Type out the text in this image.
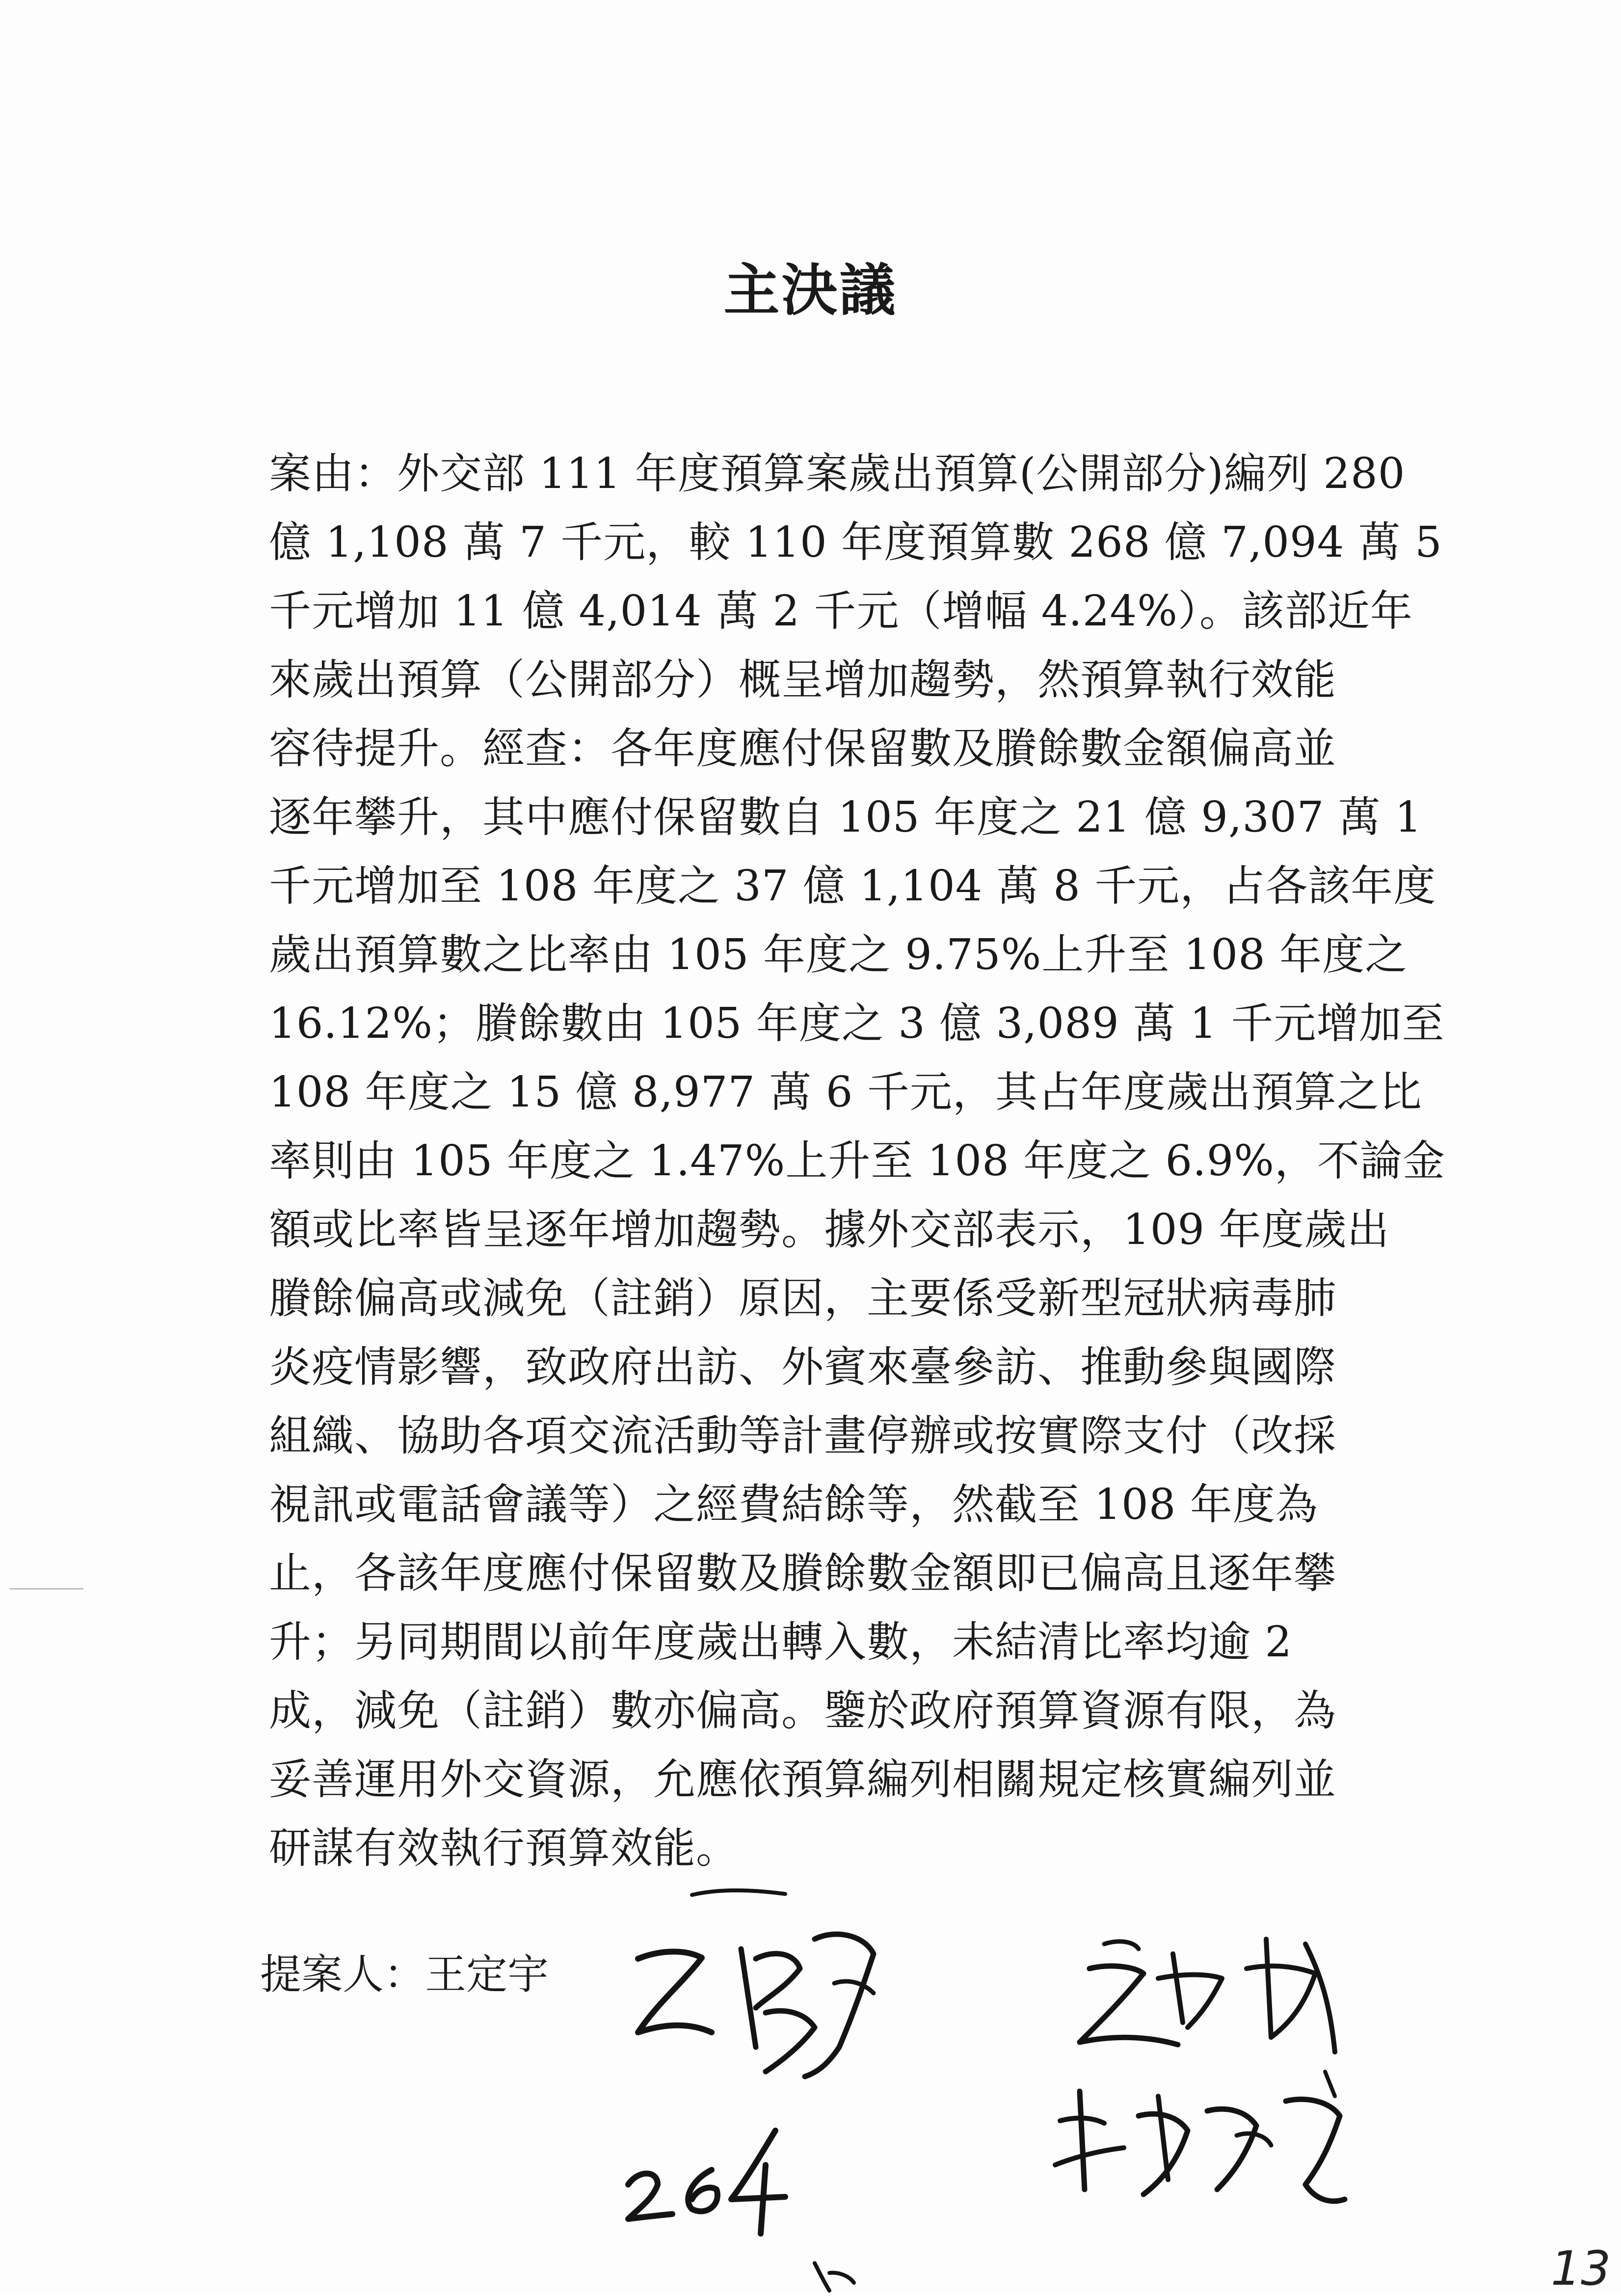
主決議
案由：外交部 111 年度預算案歲出預算(公開部分)編列 280
億 1,108 萬 7 千元，較 110 年度預算數 268 億 7,094 萬 5
千元增加 11 億 4,014 萬 2 千元（增幅 4.24%）。該部近年
來歲出預算（公開部分）概呈增加趨勢，然預算執行效能
容待提升。經查：各年度應付保留數及賸餘數金額偏高並
逐年攀升，其中應付保留數自 105 年度之 21 億 9,307 萬 1
千元增加至 108 年度之 37 億 1,104 萬 8 千元，占各該年度
歲出預算數之比率由 105 年度之 9.75%上升至 108 年度之
16.12%；賸餘數由 105 年度之 3 億 3,089 萬 1 千元增加至
108 年度之 15 億 8,977 萬 6 千元，其占年度歲出預算之比
率則由 105 年度之 1.47%上升至 108 年度之 6.9%，不論金
額或比率皆呈逐年增加趨勢。據外交部表示，109 年度歲出
賸餘偏高或減免（註銷）原因，主要係受新型冠狀病毒肺
炎疫情影響，致政府出訪、外賓來臺參訪、推動參與國際
組織、協助各項交流活動等計畫停辦或按實際支付（改採
視訊或電話會議等）之經費結餘等，然截至 108 年度為
止，各該年度應付保留數及賸餘數金額即已偏高且逐年攀
升；另同期間以前年度歲出轉入數，未結清比率均逾 2
成，減免（註銷）數亦偏高。鑒於政府預算資源有限，為
妥善運用外交資源，允應依預算編列相關規定核實編列並
研謀有效執行預算效能。
提案人：王定宇
13
